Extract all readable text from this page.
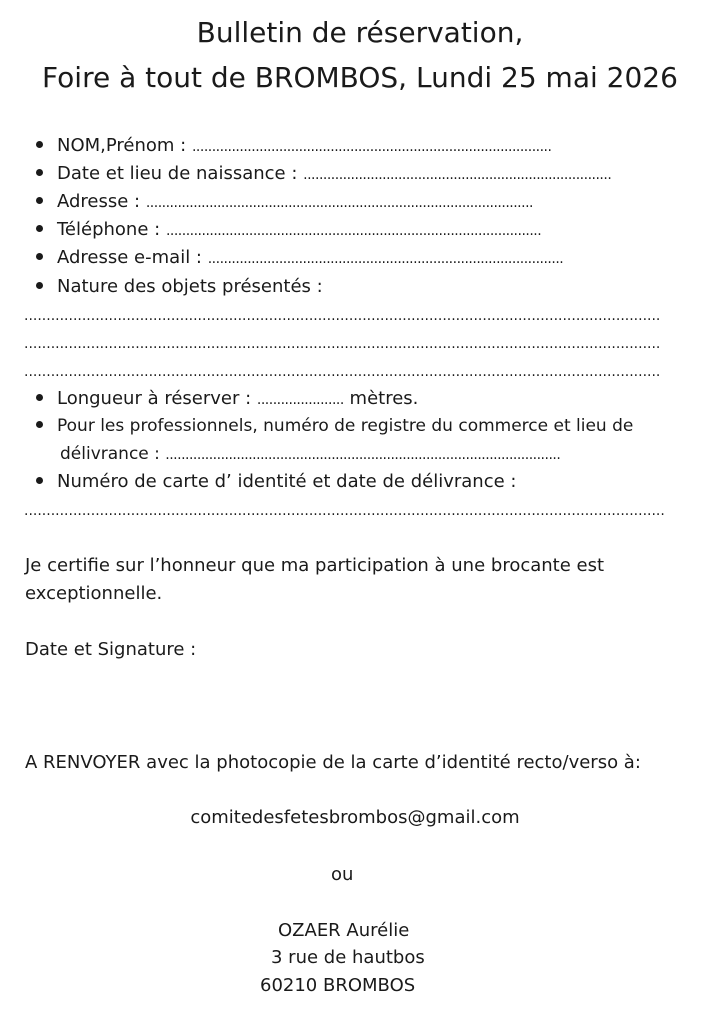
Bulletin de réservation,
Foire à tout de BROMBOS, Lundi 25 mai 2026
NOM,Prénom : ...........................................................................................
Date et lieu de naissance : ..............................................................................
Adresse : ..................................................................................................
Téléphone : ...............................................................................................
Adresse e-mail : ..........................................................................................
Nature des objets présentés :
...............................................................................................................................................
...............................................................................................................................................
...............................................................................................................................................
Longueur à réserver : ...................... mètres.
Pour les professionnels, numéro de registre du commerce et lieu de
délivrance : ....................................................................................................
Numéro de carte d’ identité et date de délivrance :
................................................................................................................................................

Je certifie sur l’honneur que ma participation à une brocante est
exceptionnelle.

Date et Signature :

A RENVOYER avec la photocopie de la carte d’identité recto/verso à:

comitedesfetesbrombos@gmail.com
ou
OZAER Aurélie
3 rue de hautbos
60210 BROMBOS
